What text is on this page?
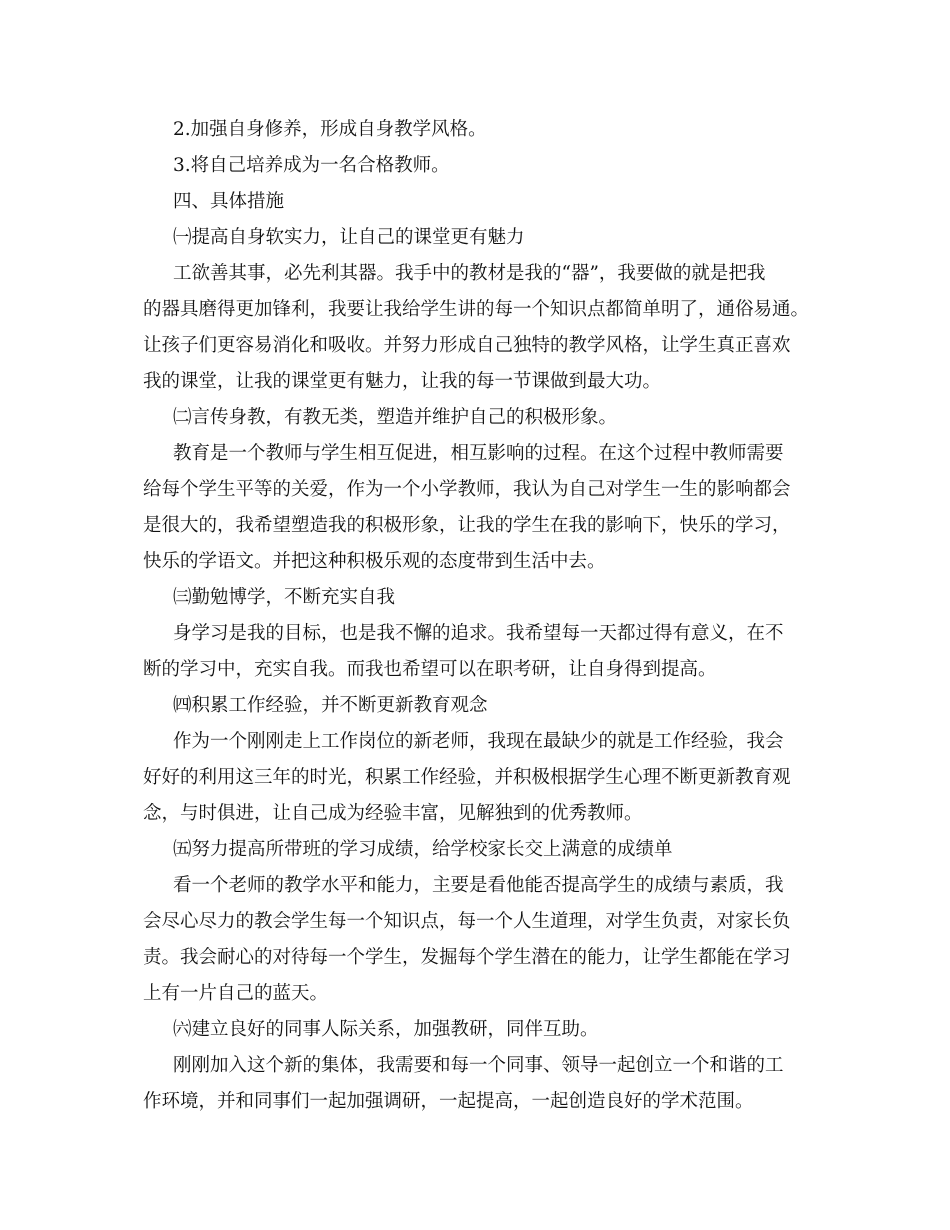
2.加强自身修养，形成自身教学风格。
3.将自己培养成为一名合格教师。
四、具体措施
㈠提高自身软实力，让自己的课堂更有魅力
工欲善其事，必先利其器。我手中的教材是我的“器”，我要做的就是把我
的器具磨得更加锋利，我要让我给学生讲的每一个知识点都简单明了，通俗易通。
让孩子们更容易消化和吸收。并努力形成自己独特的教学风格，让学生真正喜欢
我的课堂，让我的课堂更有魅力，让我的每一节课做到最大功。
㈡言传身教，有教无类，塑造并维护自己的积极形象。
教育是一个教师与学生相互促进，相互影响的过程。在这个过程中教师需要
给每个学生平等的关爱，作为一个小学教师，我认为自己对学生一生的影响都会
是很大的，我希望塑造我的积极形象，让我的学生在我的影响下，快乐的学习，
快乐的学语文。并把这种积极乐观的态度带到生活中去。
㈢勤勉博学，不断充实自我
身学习是我的目标，也是我不懈的追求。我希望每一天都过得有意义，在不
断的学习中，充实自我。而我也希望可以在职考研，让自身得到提高。
㈣积累工作经验，并不断更新教育观念
作为一个刚刚走上工作岗位的新老师，我现在最缺少的就是工作经验，我会
好好的利用这三年的时光，积累工作经验，并积极根据学生心理不断更新教育观
念，与时俱进，让自己成为经验丰富，见解独到的优秀教师。
㈤努力提高所带班的学习成绩，给学校家长交上满意的成绩单
看一个老师的教学水平和能力，主要是看他能否提高学生的成绩与素质，我
会尽心尽力的教会学生每一个知识点，每一个人生道理，对学生负责，对家长负
责。我会耐心的对待每一个学生，发掘每个学生潜在的能力，让学生都能在学习
上有一片自己的蓝天。
㈥建立良好的同事人际关系，加强教研，同伴互助。
刚刚加入这个新的集体，我需要和每一个同事、领导一起创立一个和谐的工
作环境，并和同事们一起加强调研，一起提高，一起创造良好的学术范围。
